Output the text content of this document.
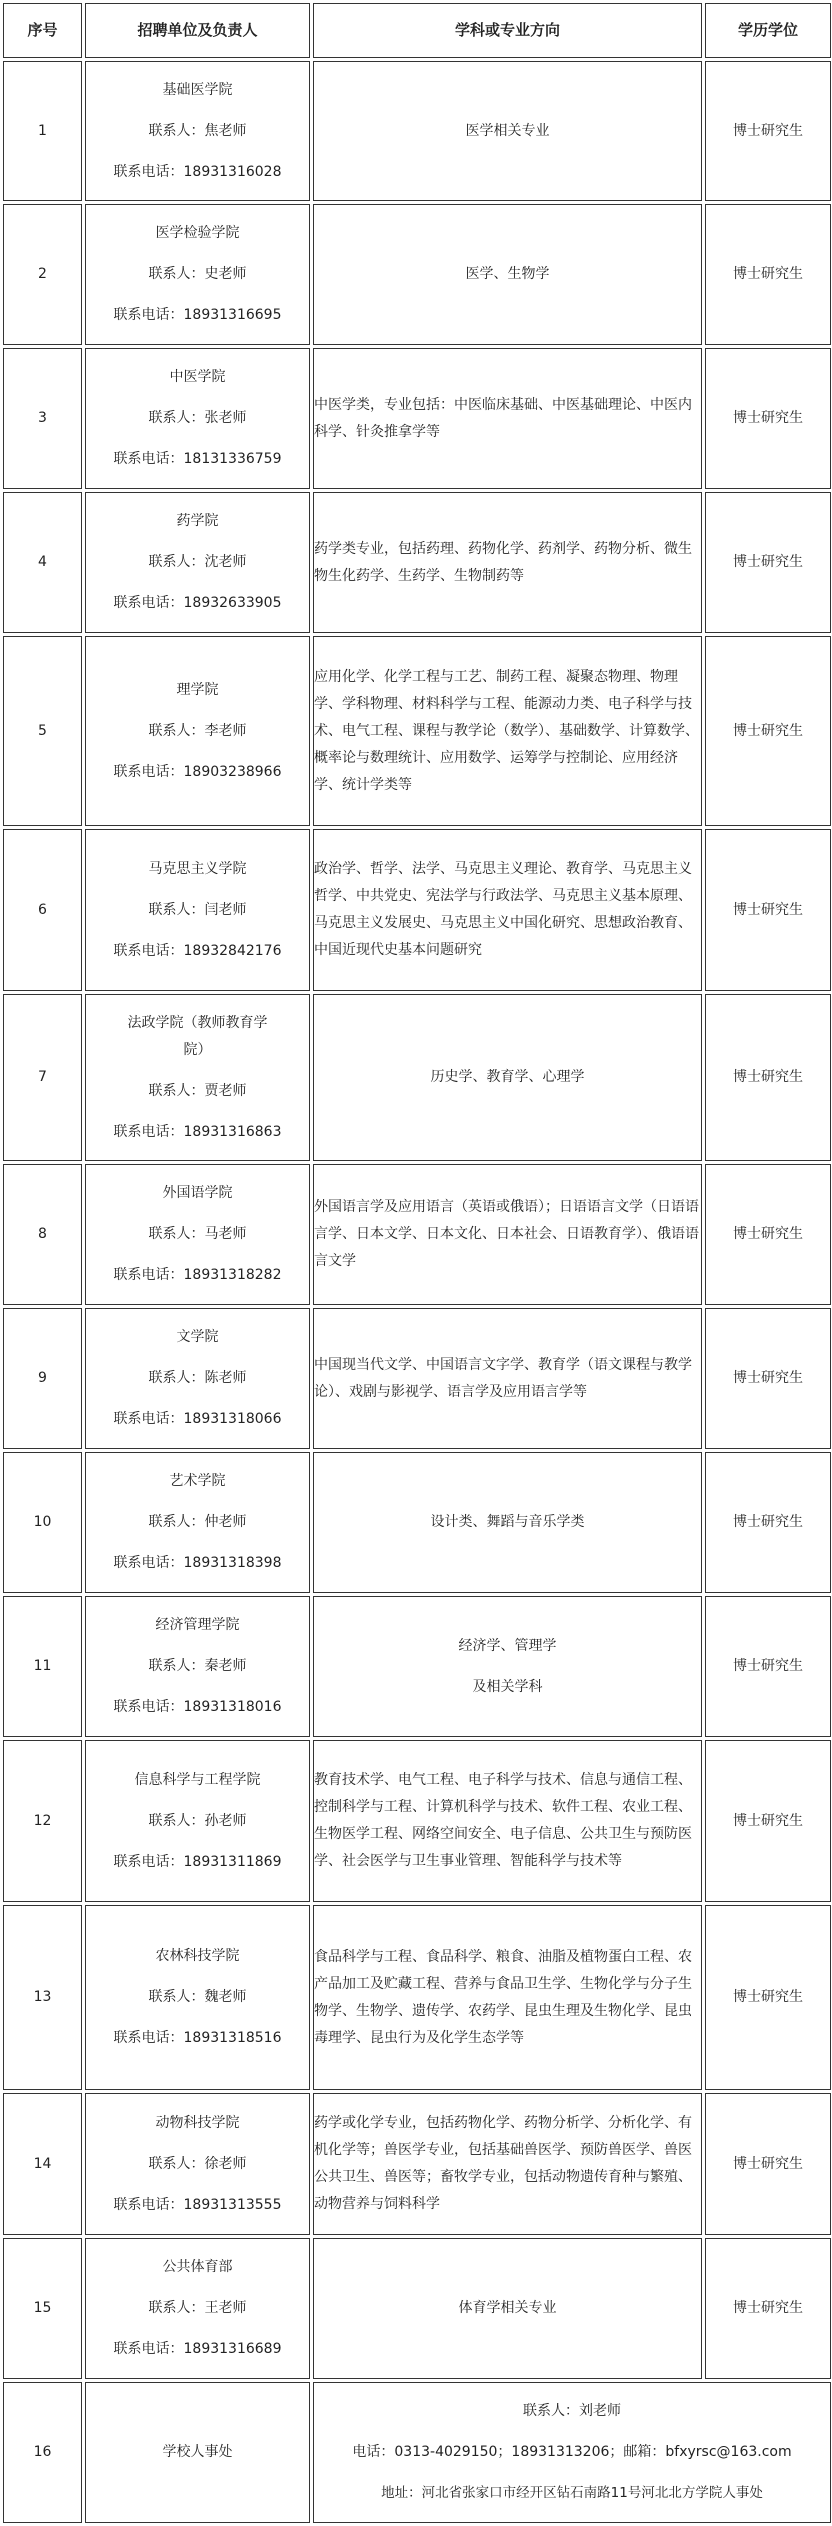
序号	招聘单位及负责人	学科或专业方向	学历学位
1	基础医学院
联系人：焦老师
联系电话：18931316028	医学相关专业	博士研究生
2	医学检验学院
联系人：史老师
联系电话：18931316695	医学、生物学	博士研究生
3	中医学院
联系人：张老师
联系电话：18131336759	中医学类，专业包括：中医临床基础、中医基础理论、中医内科学、针灸推拿学等	博士研究生
4	药学院
联系人：沈老师
联系电话：18932633905	药学类专业，包括药理、药物化学、药剂学、药物分析、微生物生化药学、生药学、生物制药等	博士研究生
5	理学院
联系人：李老师
联系电话：18903238966	应用化学、化学工程与工艺、制药工程、凝聚态物理、物理学、学科物理、材料科学与工程、能源动力类、电子科学与技术、电气工程、课程与教学论（数学）、基础数学、计算数学、概率论与数理统计、应用数学、运筹学与控制论、应用经济学、统计学类等	博士研究生
6	马克思主义学院
联系人：闫老师
联系电话：18932842176	政治学、哲学、法学、马克思主义理论、教育学、马克思主义哲学、中共党史、宪法学与行政法学、马克思主义基本原理、马克思主义发展史、马克思主义中国化研究、思想政治教育、中国近现代史基本问题研究	博士研究生
7	法政学院（教师教育学院）
联系人：贾老师
联系电话：18931316863	历史学、教育学、心理学	博士研究生
8	外国语学院
联系人：马老师
联系电话：18931318282	外国语言学及应用语言（英语或俄语）；日语语言文学（日语语言学、日本文学、日本文化、日本社会、日语教育学）、俄语语言文学	博士研究生
9	文学院
联系人：陈老师
联系电话：18931318066	中国现当代文学、中国语言文字学、教育学（语文课程与教学论）、戏剧与影视学、语言学及应用语言学等	博士研究生
10	艺术学院
联系人：仲老师
联系电话：18931318398	设计类、舞蹈与音乐学类	博士研究生
11	经济管理学院
联系人：秦老师
联系电话：18931318016	经济学、管理学
及相关学科	博士研究生
12	信息科学与工程学院
联系人：孙老师
联系电话：18931311869	教育技术学、电气工程、电子科学与技术、信息与通信工程、控制科学与工程、计算机科学与技术、软件工程、农业工程、生物医学工程、网络空间安全、电子信息、公共卫生与预防医学、社会医学与卫生事业管理、智能科学与技术等	博士研究生
13	农林科技学院
联系人：魏老师
联系电话：18931318516	食品科学与工程、食品科学、粮食、油脂及植物蛋白工程、农产品加工及贮藏工程、营养与食品卫生学、生物化学与分子生物学、生物学、遗传学、农药学、昆虫生理及生物化学、昆虫毒理学、昆虫行为及化学生态学等	博士研究生
14	动物科技学院
联系人：徐老师
联系电话：18931313555	药学或化学专业，包括药物化学、药物分析学、分析化学、有机化学等；兽医学专业，包括基础兽医学、预防兽医学、兽医公共卫生、兽医等；畜牧学专业，包括动物遗传育种与繁殖、动物营养与饲料科学	博士研究生
15	公共体育部
联系人：王老师
联系电话：18931316689	体育学相关专业	博士研究生
16	学校人事处	联系人：刘老师
电话：0313-4029150；18931313206；邮箱：bfxyrsc@163.com
地址：河北省张家口市经开区钻石南路11号河北北方学院人事处	
